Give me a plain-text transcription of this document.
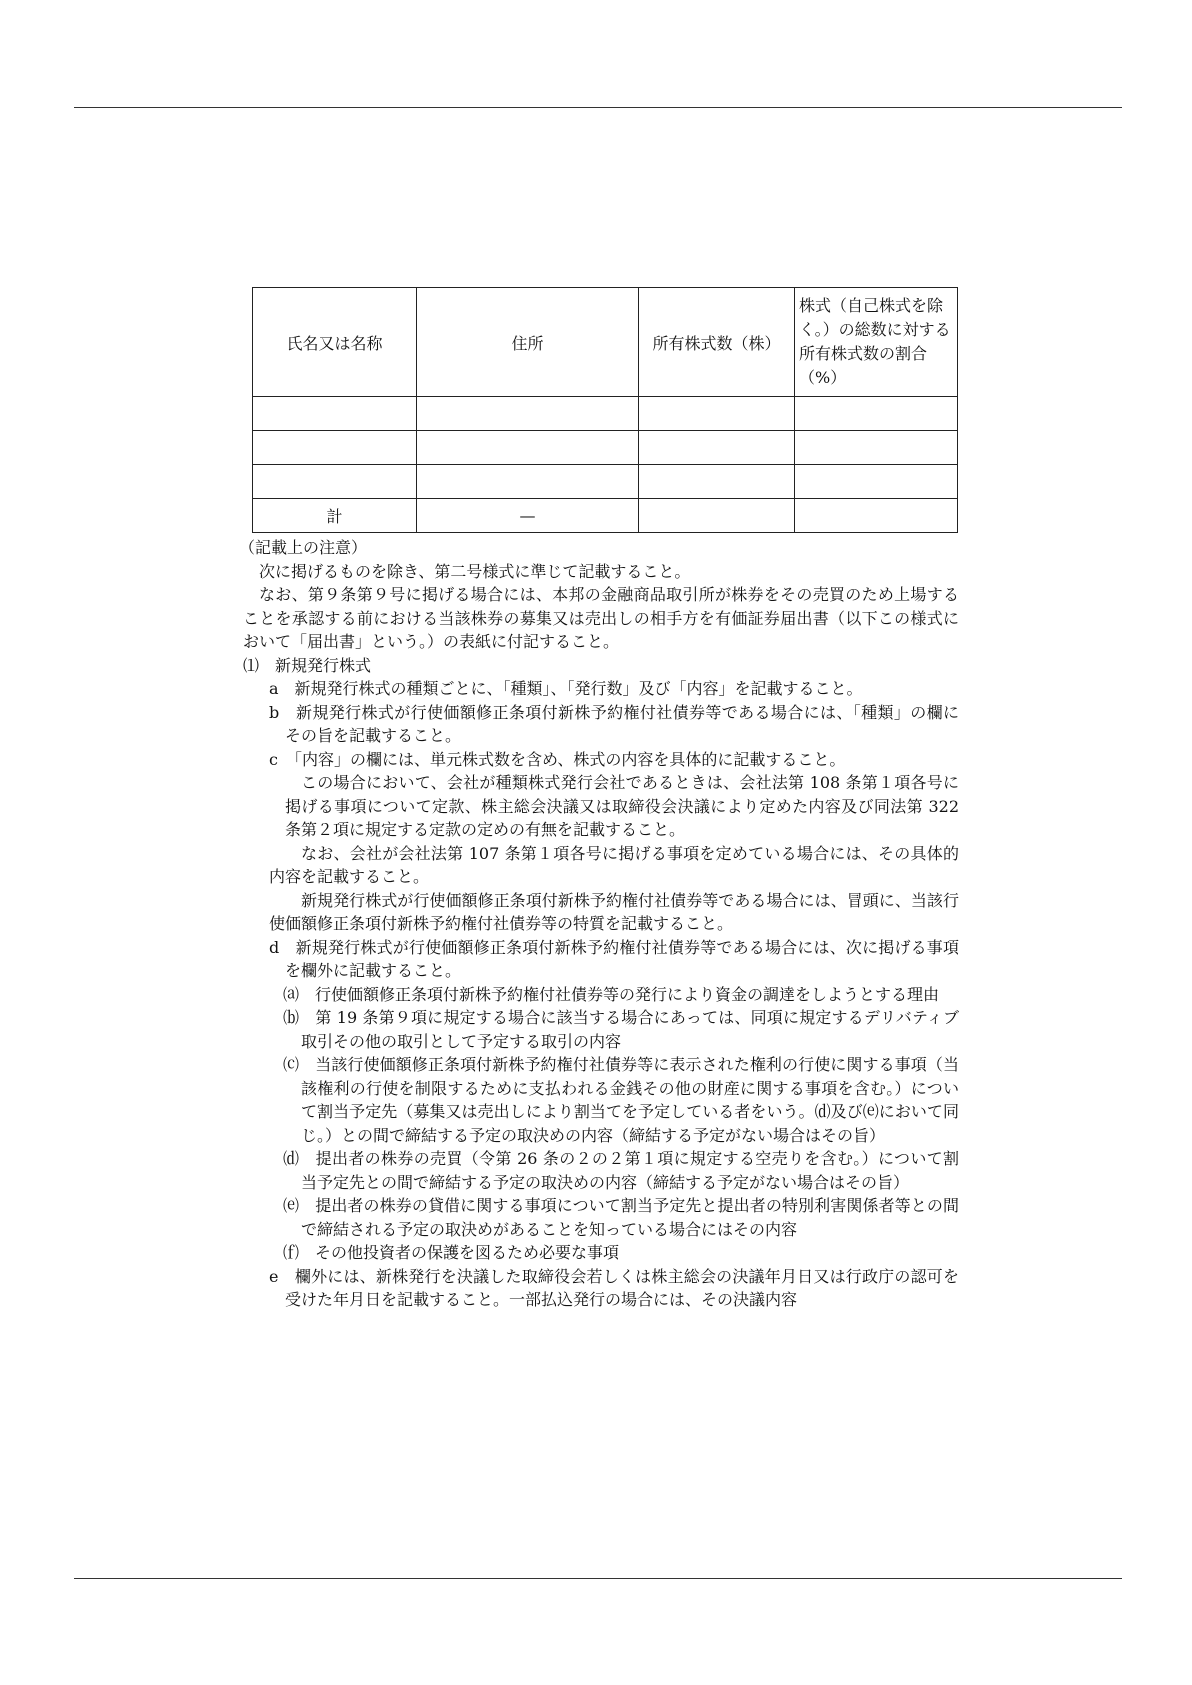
氏名又は名称	住所	所有株式数（株）	株式（自己株式を除く。）の総数に対する所有株式数の割合（%）

計	—		

（記載上の注意）

次に掲げるものを除き、第二号様式に準じて記載すること。

なお、第９条第９号に掲げる場合には、本邦の金融商品取引所が株券をその売買のため上場することを承認する前における当該株券の募集又は売出しの相手方を有価証券届出書（以下この様式において「届出書」という。）の表紙に付記すること。

⑴　新規発行株式

a　新規発行株式の種類ごとに、「種類」、「発行数」及び「内容」を記載すること。

b　新規発行株式が行使価額修正条項付新株予約権付社債券等である場合には、「種類」の欄にその旨を記載すること。

c　「内容」の欄には、単元株式数を含め、株式の内容を具体的に記載すること。

この場合において、会社が種類株式発行会社であるときは、会社法第 108 条第１項各号に掲げる事項について定款、株主総会決議又は取締役会決議により定めた内容及び同法第 322 条第２項に規定する定款の定めの有無を記載すること。

なお、会社が会社法第 107 条第１項各号に掲げる事項を定めている場合には、その具体的内容を記載すること。

新規発行株式が行使価額修正条項付新株予約権付社債券等である場合には、冒頭に、当該行使価額修正条項付新株予約権付社債券等の特質を記載すること。

d　新規発行株式が行使価額修正条項付新株予約権付社債券等である場合には、次に掲げる事項を欄外に記載すること。

⒜　行使価額修正条項付新株予約権付社債券等の発行により資金の調達をしようとする理由

⒝　第 19 条第９項に規定する場合に該当する場合にあっては、同項に規定するデリバティブ取引その他の取引として予定する取引の内容

⒞　当該行使価額修正条項付新株予約権付社債券等に表示された権利の行使に関する事項（当該権利の行使を制限するために支払われる金銭その他の財産に関する事項を含む。）について割当予定先（募集又は売出しにより割当てを予定している者をいう。⒟及び⒠において同じ。）との間で締結する予定の取決めの内容（締結する予定がない場合はその旨）

⒟　提出者の株券の売買（令第 26 条の２の２第１項に規定する空売りを含む。）について割当予定先との間で締結する予定の取決めの内容（締結する予定がない場合はその旨）

⒠　提出者の株券の貸借に関する事項について割当予定先と提出者の特別利害関係者等との間で締結される予定の取決めがあることを知っている場合にはその内容

⒡　その他投資者の保護を図るため必要な事項

e　欄外には、新株発行を決議した取締役会若しくは株主総会の決議年月日又は行政庁の認可を受けた年月日を記載すること。一部払込発行の場合には、その決議内容
